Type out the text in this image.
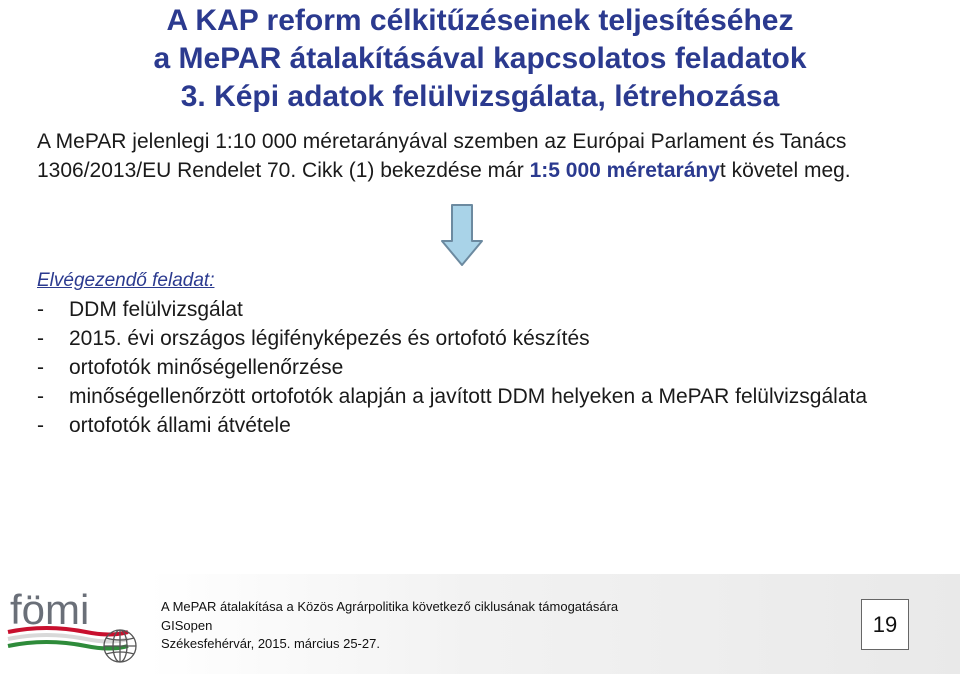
A KAP reform célkitűzéseinek teljesítéséhez
a MePAR átalakításával kapcsolatos feladatok
3. Képi adatok felülvizsgálata, létrehozása
A MePAR jelenlegi 1:10 000 méretarányával szemben az Európai Parlament és Tanács 1306/2013/EU Rendelet 70. Cikk (1) bekezdése már 1:5 000 méretarányt követel meg.
Elvégezendő feladat:
- DDM felülvizsgálat
- 2015. évi országos légifényképezés és ortofotó készítés
- ortofotók minőségellenőrzése
- minőségellenőrzött ortofotók alapján a javított DDM helyeken a MePAR felülvizsgálata
- ortofotók állami átvétele
fömi	A MePAR átalakítása a Közös Agrárpolitika következő ciklusának támogatására
GISopen
Székesfehérvár, 2015. március 25-27.
19
